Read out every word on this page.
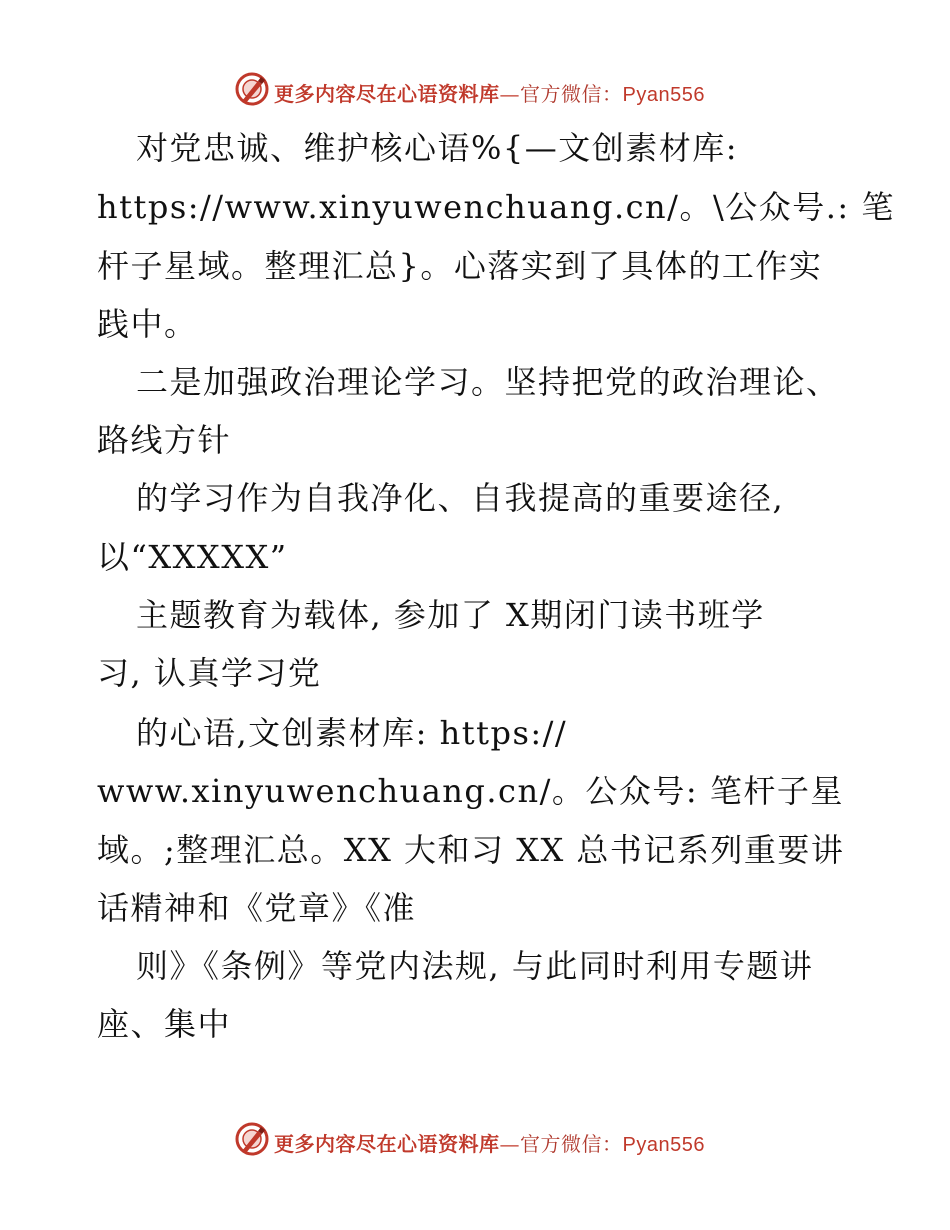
更多内容尽在心语资料库—官方微信：Pyan556
对党忠诚、维护核心语%{—文创素材库:
https://www.xinyuwenchuang.cn/。\公众号.: 笔
杆子星域。整理汇总}。心落实到了具体的工作实
践中。
二是加强政治理论学习。坚持把党的政治理论、
路线方针
的学习作为自我净化、自我提高的重要途径,
以“XXXXX”
主题教育为载体, 参加了 X期闭门读书班学
习, 认真学习党
的心语,文创素材库: https://
www.xinyuwenchuang.cn/。公众号: 笔杆子星
域。;整理汇总。XX 大和习 XX 总书记系列重要讲
话精神和《党章》《准
则》《条例》等党内法规, 与此同时利用专题讲
座、集中
更多内容尽在心语资料库—官方微信：Pyan556
